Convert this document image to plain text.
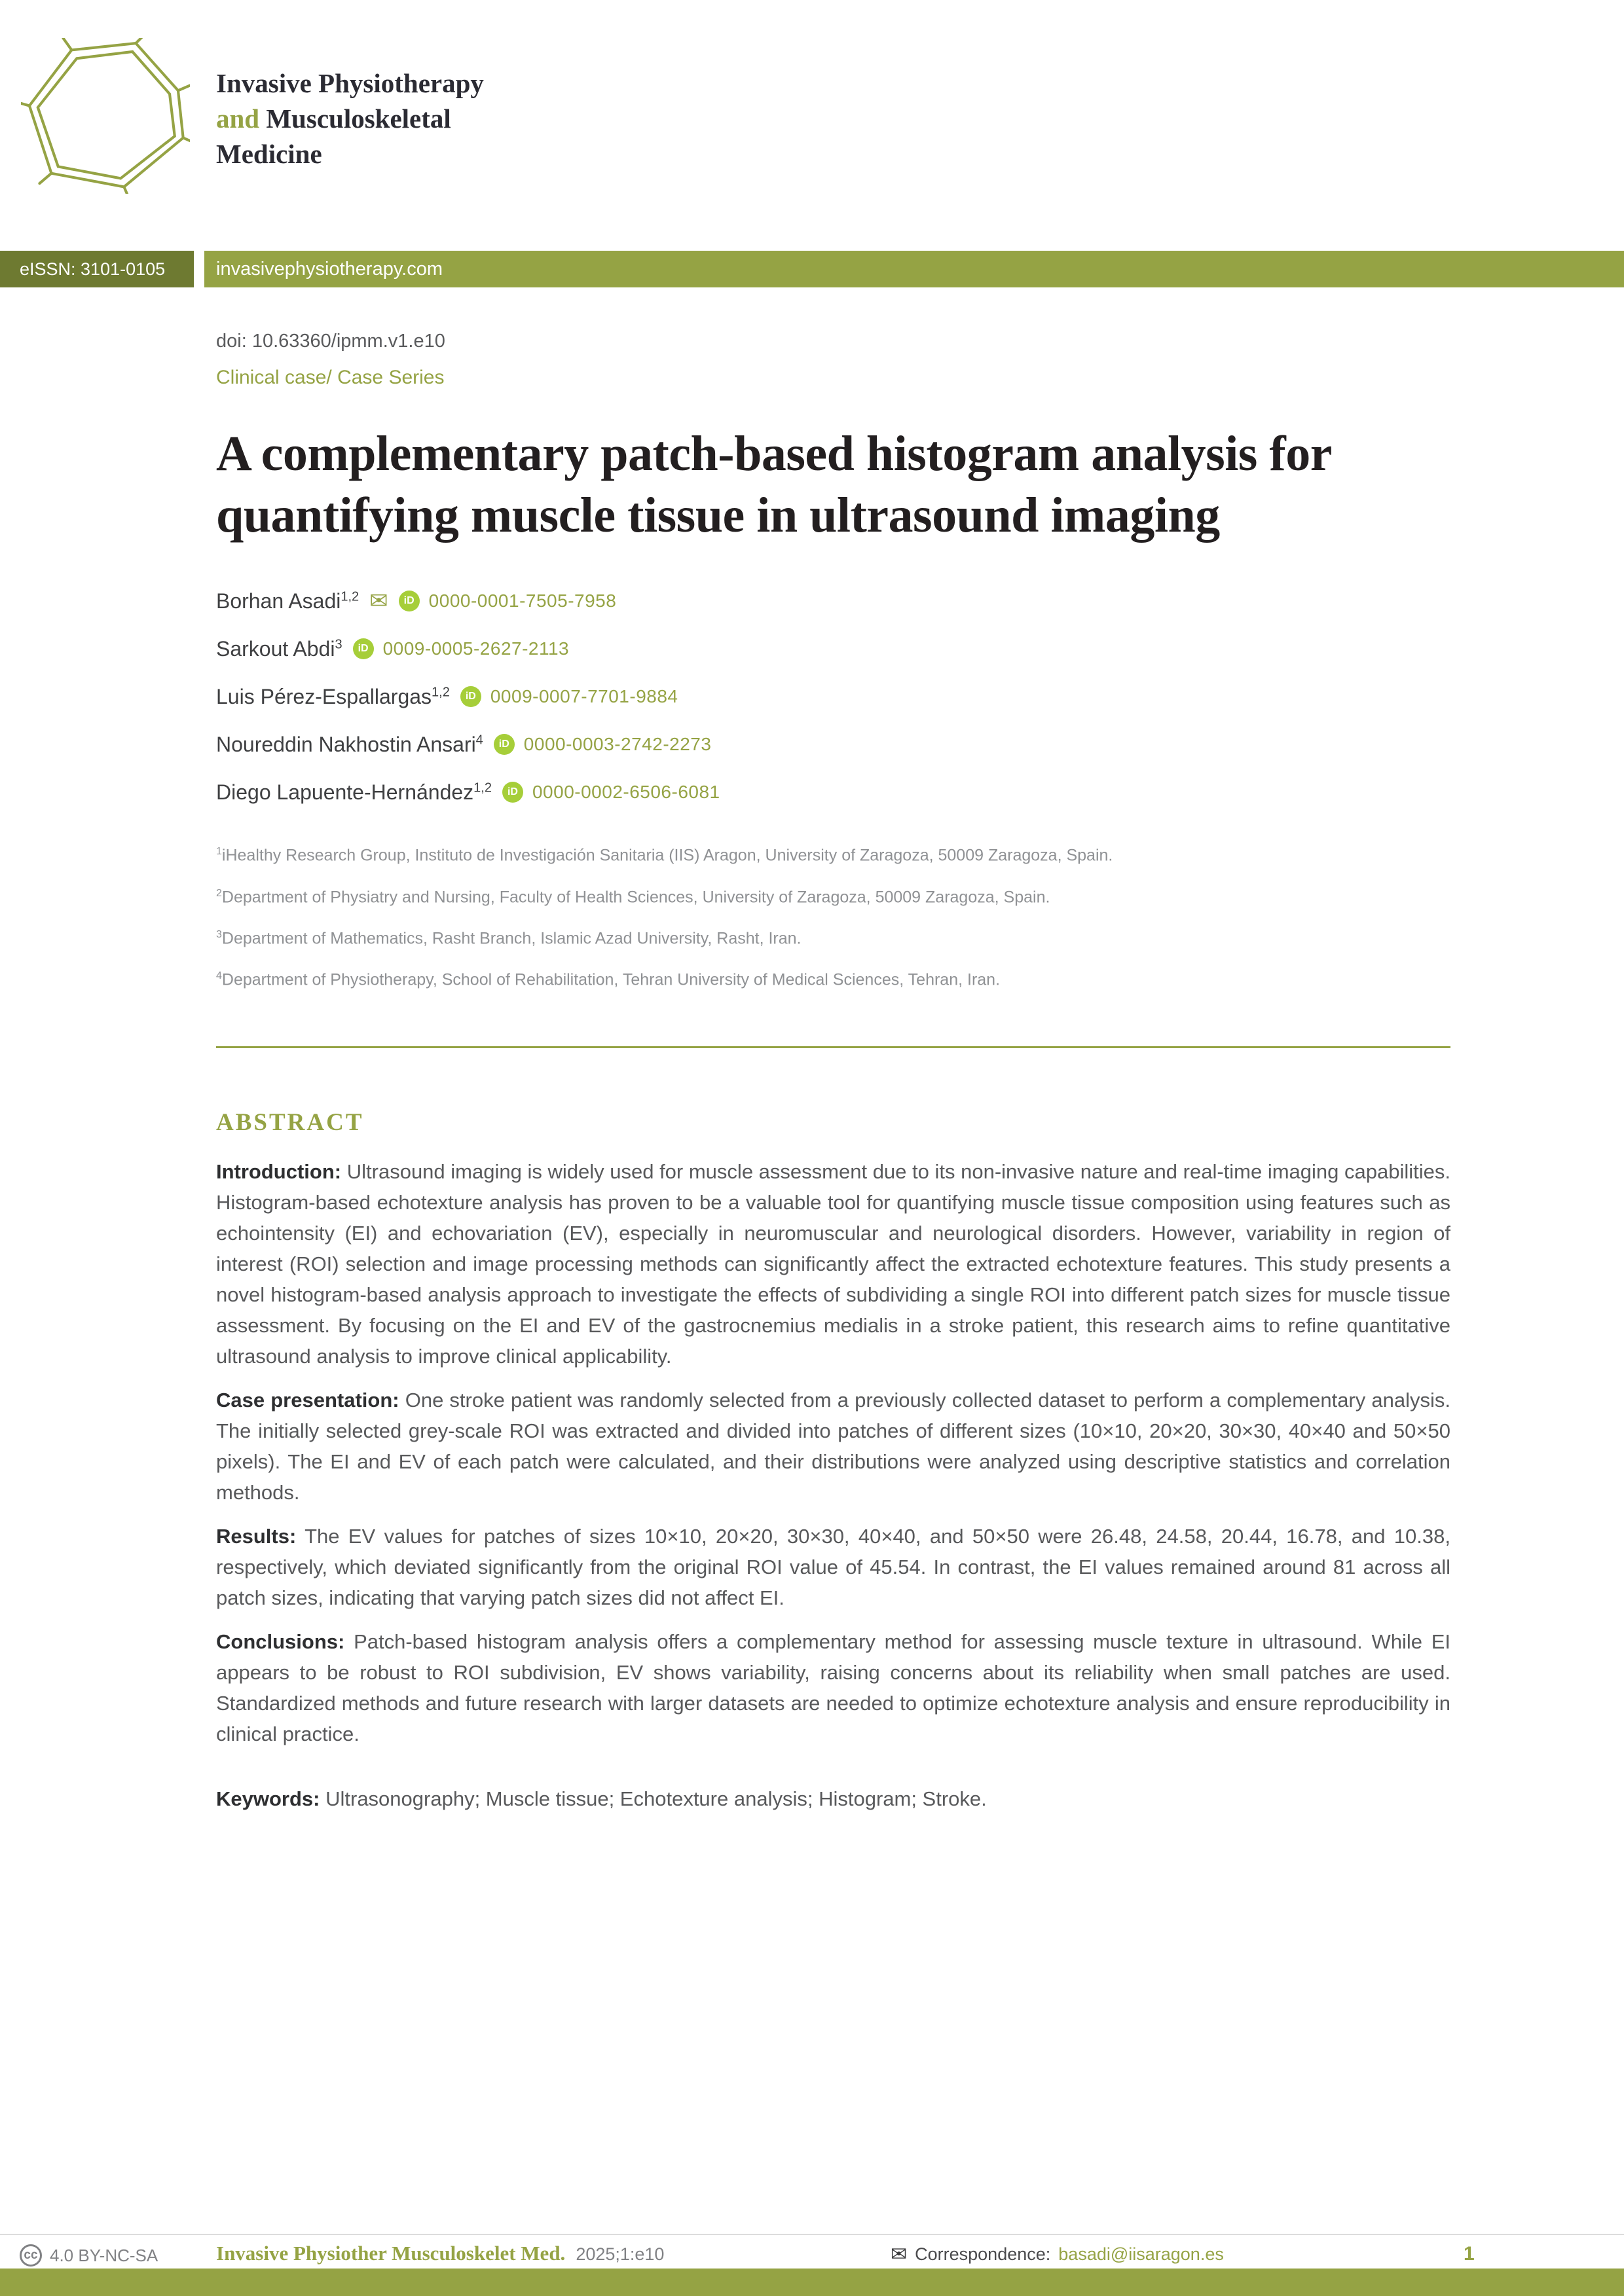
Invasive Physiotherapy
and Musculoskeletal
Medicine
eISSN: 3101-0105	invasivephysiotherapy.com
doi: 10.63360/ipmm.v1.e10
Clinical case/ Case Series
A complementary patch-based histogram analysis for quantifying muscle tissue in ultrasound imaging
Borhan Asadi$^{1,2}$ ✉	iD 0000-0001-7505-7958
Sarkout Abdi$^3$	iD 0009-0005-2627-2113
Luis Pérez-Espallargas$^{1,2}$	iD 0009-0007-7701-9884
Noureddin Nakhostin Ansari$^4$	iD 0000-0003-2742-2273
Diego Lapuente-Hernández$^{1,2}$	iD 0000-0002-6506-6081
$^1$iHealthy Research Group, Instituto de Investigación Sanitaria (IIS) Aragon, University of Zaragoza, 50009 Zaragoza, Spain.
$^2$Department of Physiatry and Nursing, Faculty of Health Sciences, University of Zaragoza, 50009 Zaragoza, Spain.
$^3$Department of Mathematics, Rasht Branch, Islamic Azad University, Rasht, Iran.
$^4$Department of Physiotherapy, School of Rehabilitation, Tehran University of Medical Sciences, Tehran, Iran.
ABSTRACT

Introduction: Ultrasound imaging is widely used for muscle assessment due to its non-invasive nature and real-time imaging capabilities. Histogram-based echotexture analysis has proven to be a valuable tool for quantifying muscle tissue composition using features such as echointensity (EI) and echovariation (EV), especially in neuromuscular and neurological disorders. However, variability in region of interest (ROI) selection and image processing methods can significantly affect the extracted echotexture features. This study presents a novel histogram-based analysis approach to investigate the effects of subdividing a single ROI into different patch sizes for muscle tissue assessment. By focusing on the EI and EV of the gastrocnemius medialis in a stroke patient, this research aims to refine quantitative ultrasound analysis to improve clinical applicability.

Case presentation: One stroke patient was randomly selected from a previously collected dataset to perform a complementary analysis. The initially selected grey-scale ROI was extracted and divided into patches of different sizes (10×10, 20×20, 30×30, 40×40 and 50×50 pixels). The EI and EV of each patch were calculated, and their distributions were analyzed using descriptive statistics and correlation methods.

Results: The EV values for patches of sizes 10×10, 20×20, 30×30, 40×40, and 50×50 were 26.48, 24.58, 20.44, 16.78, and 10.38, respectively, which deviated significantly from the original ROI value of 45.54. In contrast, the EI values remained around 81 across all patch sizes, indicating that varying patch sizes did not affect EI.

Conclusions: Patch-based histogram analysis offers a complementary method for assessing muscle texture in ultrasound. While EI appears to be robust to ROI subdivision, EV shows variability, raising concerns about its reliability when small patches are used. Standardized methods and future research with larger datasets are needed to optimize echotexture analysis and ensure reproducibility in clinical practice.

Keywords: Ultrasonography; Muscle tissue; Echotexture analysis; Histogram; Stroke.
cc 4.0 BY-NC-SA	Invasive Physiother Musculoskelet Med. 2025;1:e10	✉ Correspondence: basadi@iisaragon.es	1
